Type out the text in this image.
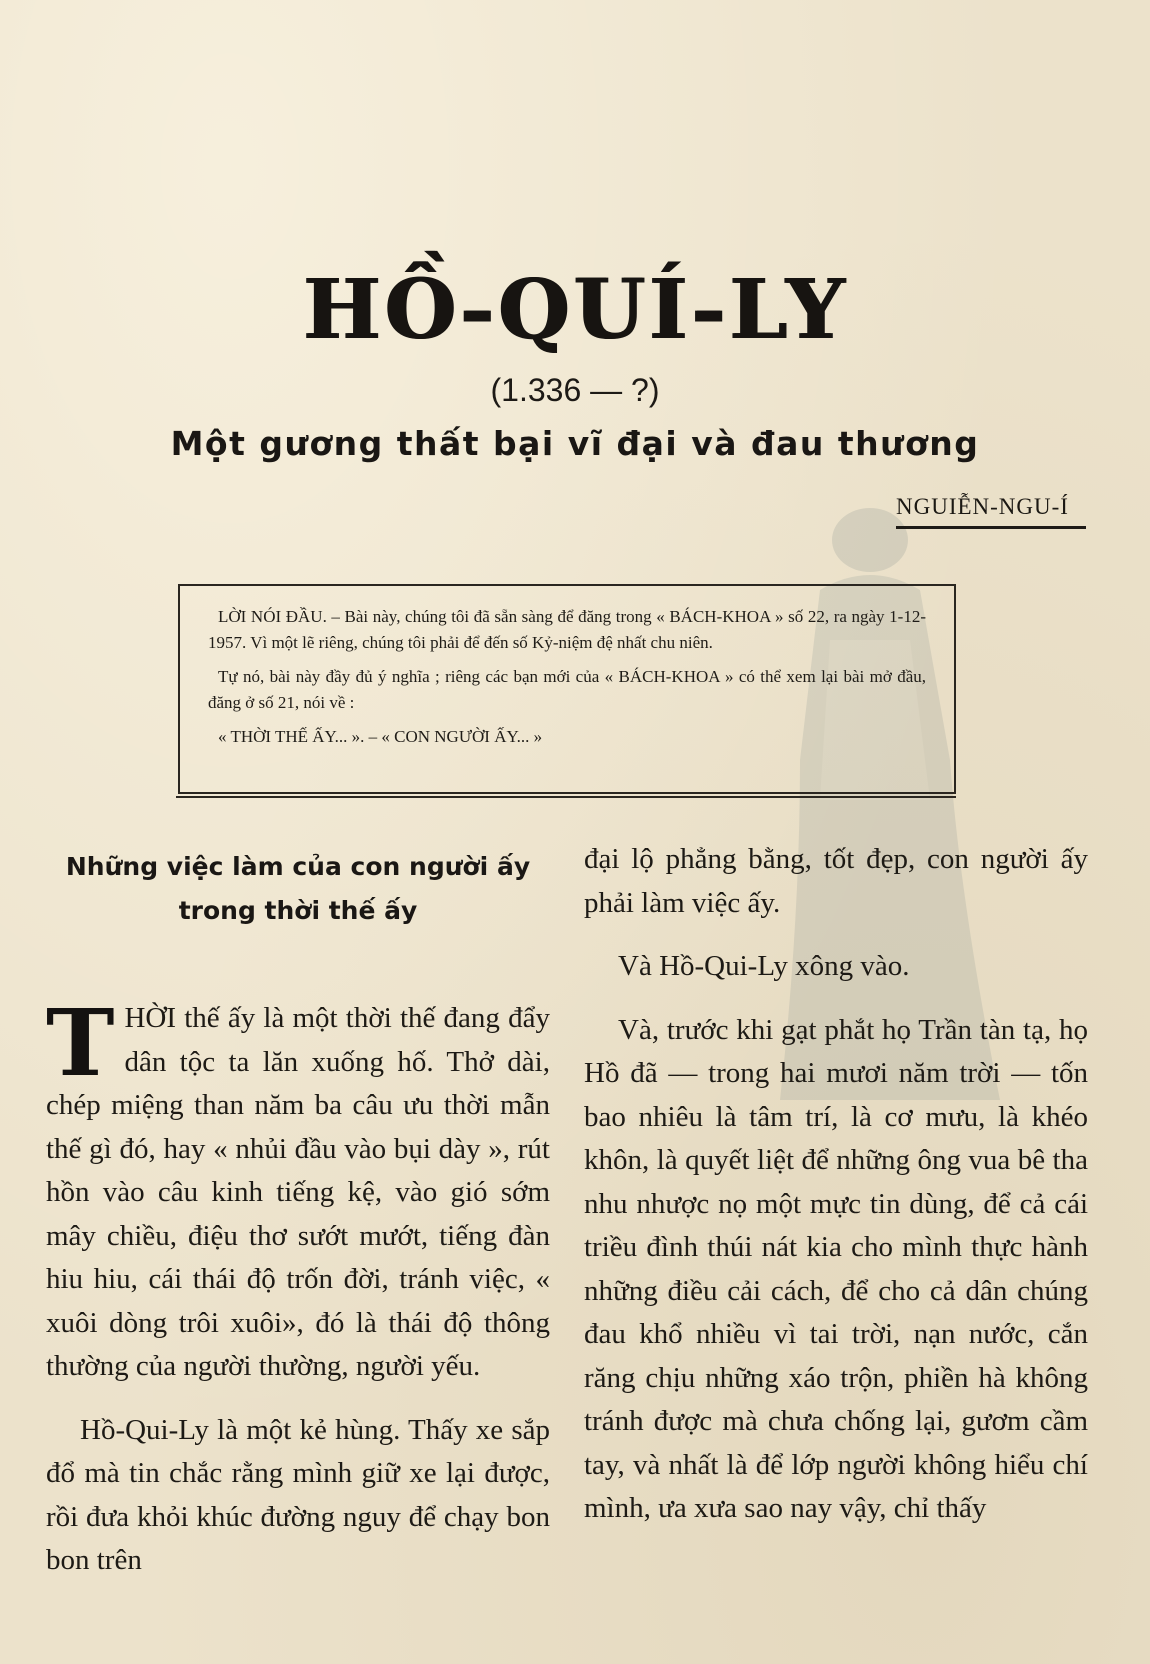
HỒ-QUÍ-LY
(1.336 — ?)
Một gương thất bại vĩ đại và đau thương
NGUIỄN-NGU-Í

LỜI NÓI ĐẦU. – Bài này, chúng tôi đã sẵn sàng để đăng trong « BÁCH-KHOA » số 22, ra ngày 1-12-1957. Vì một lẽ riêng, chúng tôi phải để đến số Kỷ-niệm đệ nhất chu niên.

Tự nó, bài này đầy đủ ý nghĩa ; riêng các bạn mới của « BÁCH-KHOA » có thể xem lại bài mở đầu, đăng ở số 21, nói về :

« THỜI THẾ ẤY... ». – « CON NGƯỜI ẤY... »

Những việc làm của con người ấy trong thời thế ấy

THỜI thế ấy là một thời thế đang đẩy dân tộc ta lăn xuống hố. Thở dài, chép miệng than năm ba câu ưu thời mẫn thế gì đó, hay « nhủi đầu vào bụi dày », rút hồn vào câu kinh tiếng kệ, vào gió sớm mây chiều, điệu thơ sướt mướt, tiếng đàn hiu hiu, cái thái độ trốn đời, tránh việc, « xuôi dòng trôi xuôi», đó là thái độ thông thường của người thường, người yếu.

Hồ-Qui-Ly là một kẻ hùng. Thấy xe sắp đổ mà tin chắc rằng mình giữ xe lại được, rồi đưa khỏi khúc đường nguy để chạy bon bon trên

đại lộ phẳng bằng, tốt đẹp, con người ấy phải làm việc ấy.

Và Hồ-Qui-Ly xông vào.

Và, trước khi gạt phắt họ Trần tàn tạ, họ Hồ đã — trong hai mươi năm trời — tốn bao nhiêu là tâm trí, là cơ mưu, là khéo khôn, là quyết liệt để những ông vua bê tha nhu nhược nọ một mực tin dùng, để cả cái triều đình thúi nát kia cho mình thực hành những điều cải cách, để cho cả dân chúng đau khổ nhiều vì tai trời, nạn nước, cắn răng chịu những xáo trộn, phiền hà không tránh được mà chưa chống lại, gươm cầm tay, và nhất là để lớp người không hiểu chí mình, ưa xưa sao nay vậy, chỉ thấy
